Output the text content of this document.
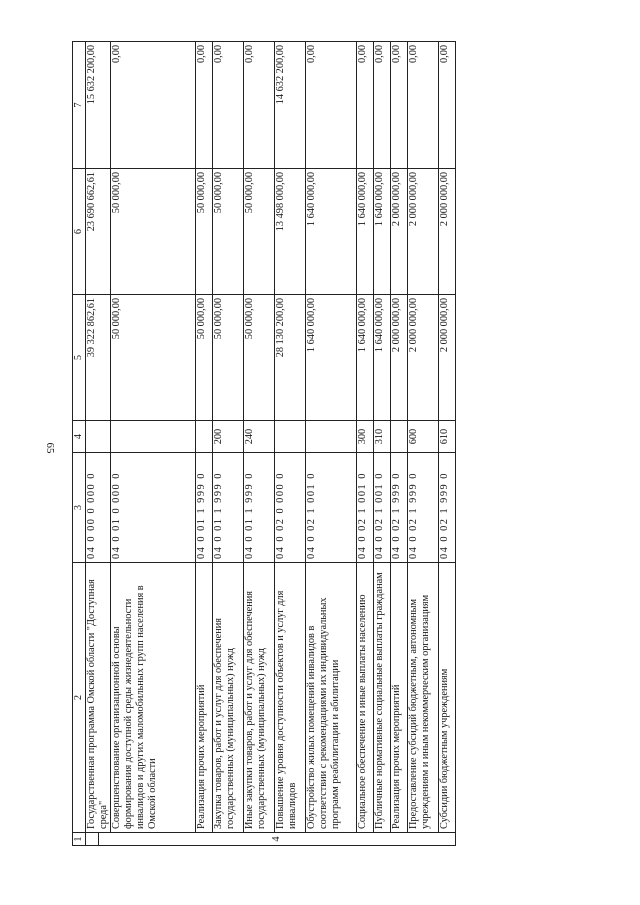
65
1	2	3	4	5	6	7
	Государственная программа Омской области "Доступная среда"	04 0 00 0 000 0		39 322 862,61	23 690 662,61	15 632 200,00
4						
	Совершенствование организационной основы формирования доступной среды жизнедеятельности инвалидов и других маломобильных групп населения в Омской области	04 0 01 0 000 0		50 000,00	50 000,00	0,00
	Реализация прочих мероприятий	04 0 01 1 999 0		50 000,00	50 000,00	0,00
	Закупка товаров, работ и услуг для обеспечения государственных (муниципальных) нужд	04 0 01 1 999 0	200	50 000,00	50 000,00	0,00
	Иные закупки товаров, работ и услуг для обеспечения государственных (муниципальных) нужд	04 0 01 1 999 0	240	50 000,00	50 000,00	0,00
	Повышение уровня доступности объектов и услуг для инвалидов	04 0 02 0 000 0		28 130 200,00	13 498 000,00	14 632 200,00
	Обустройство жилых помещений инвалидов в соответствии с рекомендациями их индивидуальных программ реабилитации и абилитации	04 0 02 1 001 0		1 640 000,00	1 640 000,00	0,00
	Социальное обеспечение и иные выплаты населению	04 0 02 1 001 0	300	1 640 000,00	1 640 000,00	0,00
	Публичные нормативные социальные выплаты гражданам	04 0 02 1 001 0	310	1 640 000,00	1 640 000,00	0,00
	Реализация прочих мероприятий	04 0 02 1 999 0		2 000 000,00	2 000 000,00	0,00
	Предоставление субсидий бюджетным, автономным учреждениям и иным некоммерческим организациям	04 0 02 1 999 0	600	2 000 000,00	2 000 000,00	0,00
	Субсидии бюджетным учреждениям	04 0 02 1 999 0	610	2 000 000,00	2 000 000,00	0,00
